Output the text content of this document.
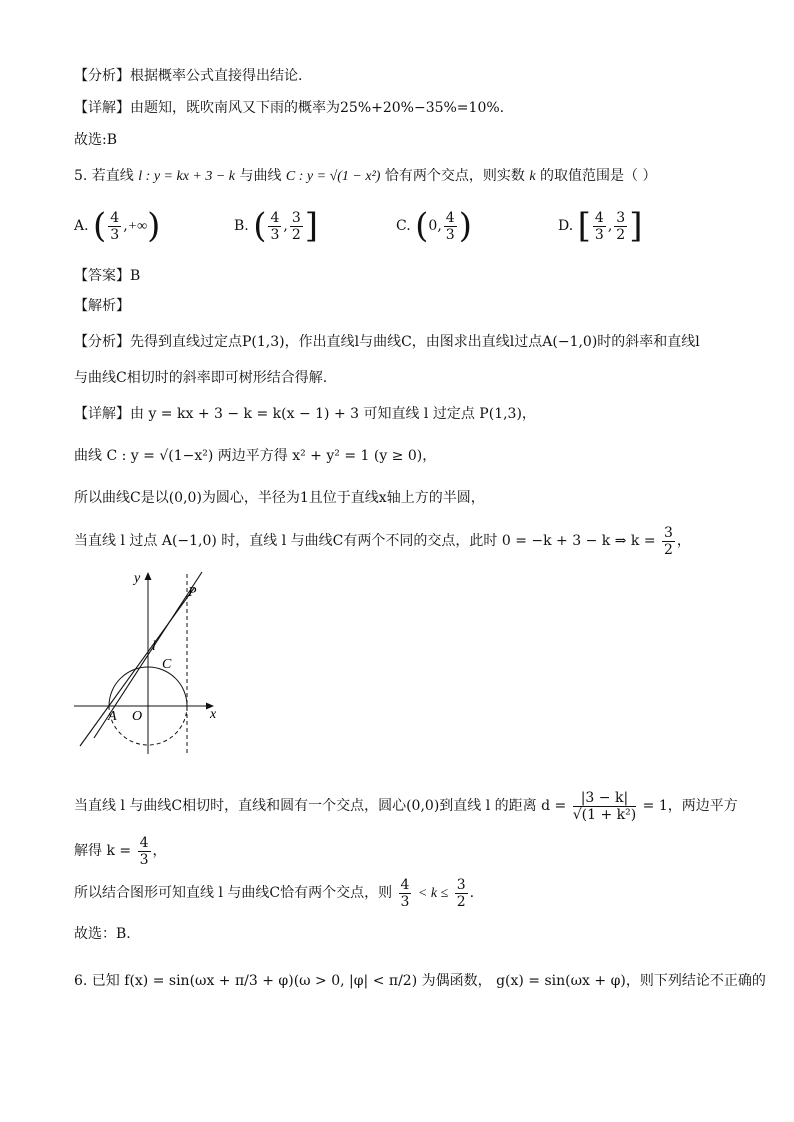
【分析】根据概率公式直接得出结论.
【详解】由题知，既吹南风又下雨的概率为25%+20%−35%=10%.
故选:B
5. 若直线 l : y = kx + 3 − k 与曲线 C : y = √(1 − x²) 恰有两个交点，则实数 k 的取值范围是（ ）
A. ( $\frac{4}{3}$ ,+∞)	B. ( $\frac{4}{3}$ , $\frac{3}{2}$ ]	C. (0, $\frac{4}{3}$ )	D. [ $\frac{4}{3}$ , $\frac{3}{2}$ ]
【答案】B
【解析】
【分析】先得到直线过定点P(1,3)，作出直线l与曲线C，由图求出直线l过点A(−1,0)时的斜率和直线l
与曲线C相切时的斜率即可树形结合得解.
【详解】由 y = kx + 3 − k = k(x − 1) + 3 可知直线 l 过定点 P(1,3)，
曲线 C : y = √(1−x²) 两边平方得 x² + y² = 1 (y ≥ 0)，
所以曲线C是以(0,0)为圆心，半径为1且位于直线x轴上方的半圆，
当直线 l 过点 A(−1,0) 时，直线 l 与曲线C有两个不同的交点，此时 0 = −k + 3 − k ⇒ $k = \frac{3}{2}$ ，
y
x
P
l
C
A O
当直线 l 与曲线C相切时，直线和圆有一个交点，圆心(0,0)到直线 l 的距离 $d = \frac{|3 - k|}{\text{√(1 + k²)}} = 1$，两边平方
解得 $k = \frac{4}{3}$ ，
所以结合图形可知直线 l 与曲线C恰有两个交点，则 $\frac{4}{3} < k \le \frac{3}{2}$ .
故选：B.
6. 已知 f(x) = sin(ωx + π/3 + φ)(ω > 0, |φ| < π/2) 为偶函数， g(x) = sin(ωx + φ)，则下列结论不正确的
